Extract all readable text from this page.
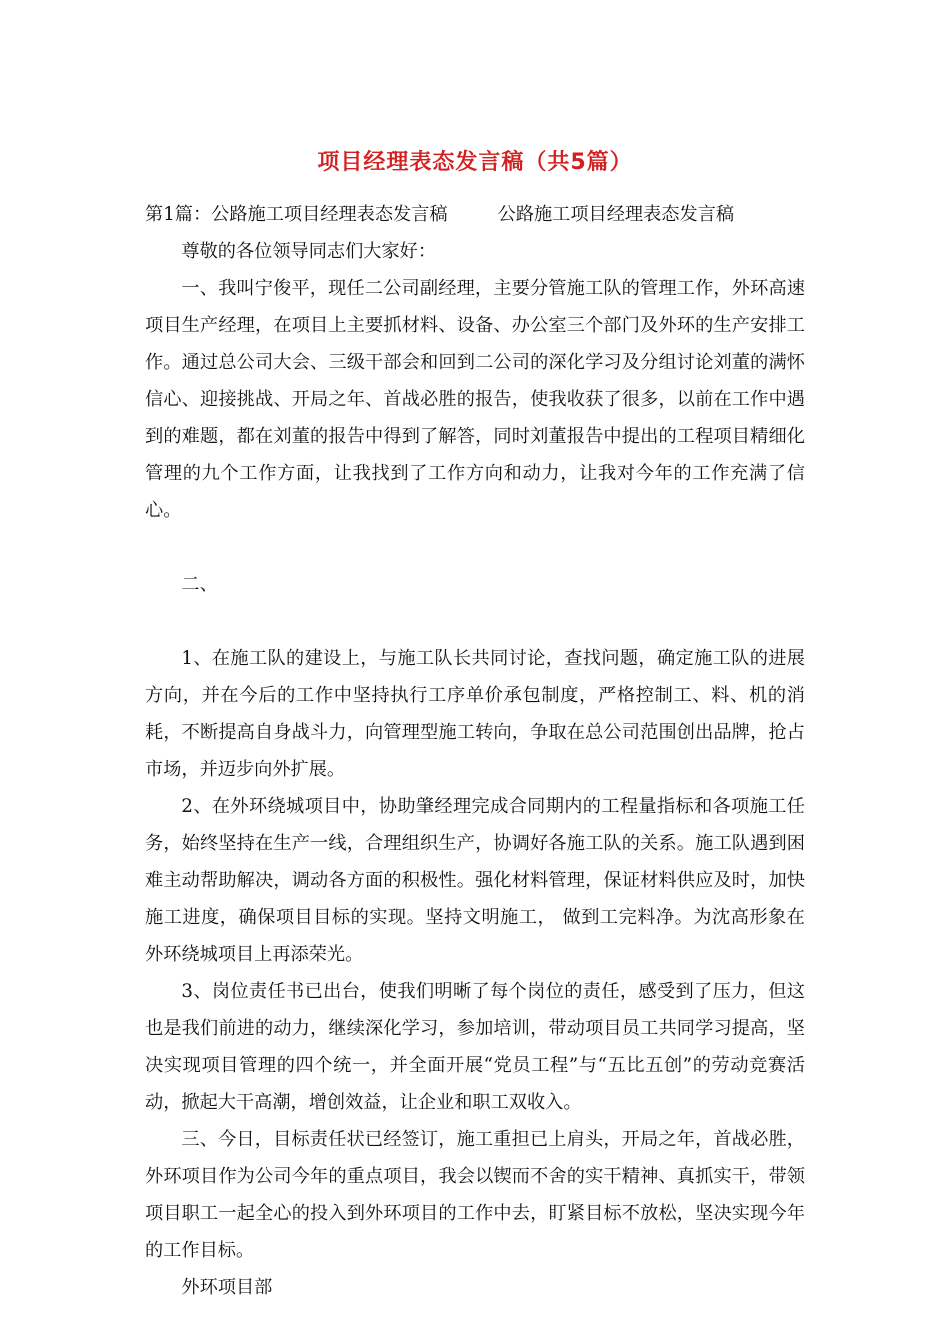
项目经理表态发言稿（共5篇）

第1篇：公路施工项目经理表态发言稿	公路施工项目经理表态发言稿

尊敬的各位领导同志们大家好：

一、我叫宁俊平，现任二公司副经理，主要分管施工队的管理工作，外环高速项目生产经理，在项目上主要抓材料、设备、办公室三个部门及外环的生产安排工作。通过总公司大会、三级干部会和回到二公司的深化学习及分组讨论刘董的满怀信心、迎接挑战、开局之年、首战必胜的报告，使我收获了很多，以前在工作中遇到的难题，都在刘董的报告中得到了解答，同时刘董报告中提出的工程项目精细化管理的九个工作方面，让我找到了工作方向和动力，让我对今年的工作充满了信心。

二、

1、在施工队的建设上，与施工队长共同讨论，查找问题，确定施工队的进展方向，并在今后的工作中坚持执行工序单价承包制度，严格控制工、料、机的消耗，不断提高自身战斗力，向管理型施工转向，争取在总公司范围创出品牌，抢占市场，并迈步向外扩展。

2、在外环绕城项目中，协助肇经理完成合同期内的工程量指标和各项施工任务，始终坚持在生产一线，合理组织生产，协调好各施工队的关系。施工队遇到困难主动帮助解决，调动各方面的积极性。强化材料管理，保证材料供应及时，加快施工进度，确保项目目标的实现。坚持文明施工， 做到工完料净。为沈高形象在外环绕城项目上再添荣光。

3、岗位责任书已出台，使我们明晰了每个岗位的责任，感受到了压力，但这也是我们前进的动力，继续深化学习，参加培训，带动项目员工共同学习提高，坚决实现项目管理的四个统一，并全面开展“党员工程”与“五比五创”的劳动竞赛活动，掀起大干高潮，增创效益，让企业和职工双收入。

三、今日，目标责任状已经签订，施工重担已上肩头，开局之年，首战必胜，外环项目作为公司今年的重点项目，我会以锲而不舍的实干精神、真抓实干，带领项目职工一起全心的投入到外环项目的工作中去，盯紧目标不放松，坚决实现今年的工作目标。

外环项目部
